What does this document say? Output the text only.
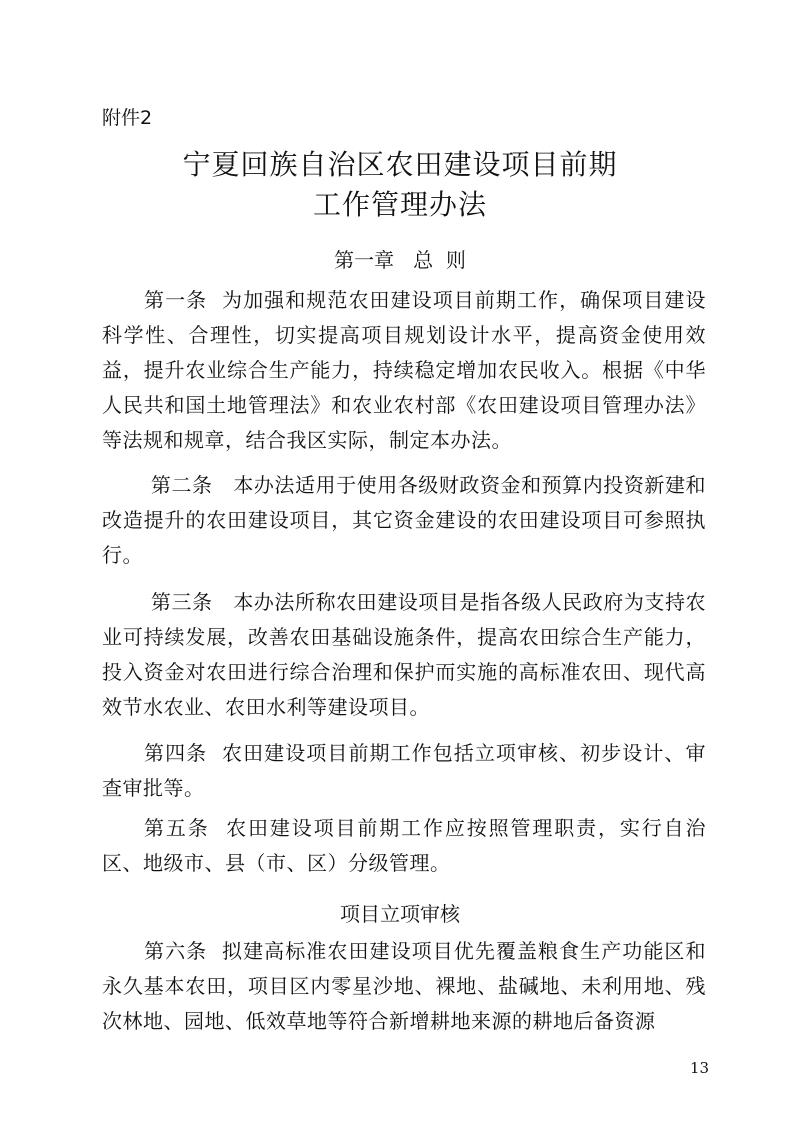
附件2
宁夏回族自治区农田建设项目前期
工作管理办法
第一章   总  则
第一条  为加强和规范农田建设项目前期工作，确保项目建设科学性、合理性，切实提高项目规划设计水平，提高资金使用效益，提升农业综合生产能力，持续稳定增加农民收入。根据《中华人民共和国土地管理法》和农业农村部《农田建设项目管理办法》等法规和规章，结合我区实际，制定本办法。
第二条   本办法适用于使用各级财政资金和预算内投资新建和改造提升的农田建设项目，其它资金建设的农田建设项目可参照执行。
第三条   本办法所称农田建设项目是指各级人民政府为支持农业可持续发展，改善农田基础设施条件，提高农田综合生产能力，投入资金对农田进行综合治理和保护而实施的高标准农田、现代高效节水农业、农田水利等建设项目。
第四条  农田建设项目前期工作包括立项审核、初步设计、审查审批等。
第五条  农田建设项目前期工作应按照管理职责，实行自治区、地级市、县（市、区）分级管理。
项目立项审核
第六条  拟建高标准农田建设项目优先覆盖粮食生产功能区和永久基本农田，项目区内零星沙地、裸地、盐碱地、未利用地、残次林地、园地、低效草地等符合新增耕地来源的耕地后备资源
13
